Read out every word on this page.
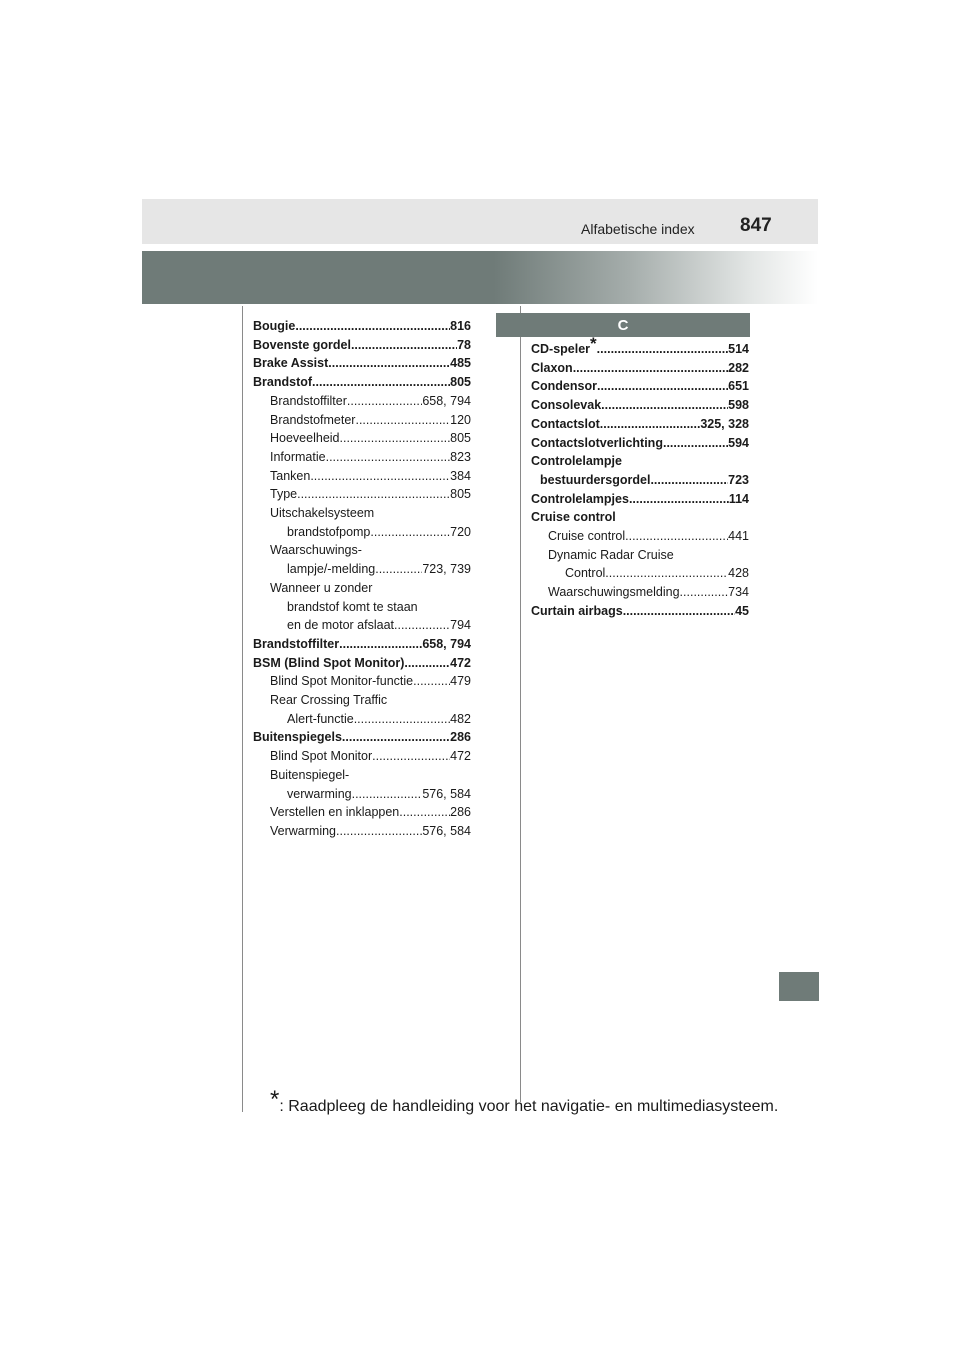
Alfabetische index 847
C
Bougie .....	816
Bovenste gordel .....	78
Brake Assist .....	485
Brandstof .....	805
Brandstoffilter .....	658, 794
Brandstofmeter .....	120
Hoeveelheid .....	805
Informatie .....	823
Tanken .....	384
Type .....	805
Uitschakelsysteem
brandstofpomp .....	720
Waarschuwings-
lampje/-melding .....	723, 739
Wanneer u zonder
brandstof komt te staan
en de motor afslaat .....	794
Brandstoffilter .....	658, 794
BSM (Blind Spot Monitor) .....	472
Blind Spot Monitor-functie .....	479
Rear Crossing Traffic
Alert-functie .....	482
Buitenspiegels .....	286
Blind Spot Monitor .....	472
Buitenspiegel-
verwarming .....	576, 584
Verstellen en inklappen .....	286
Verwarming .....	576, 584
CD-speler* .....	514
Claxon .....	282
Condensor .....	651
Consolevak .....	598
Contactslot .....	325, 328
Contactslotverlichting .....	594
Controlelampje
bestuurdersgordel .....	723
Controlelampjes .....	114
Cruise control
Cruise control .....	441
Dynamic Radar Cruise
Control .....	428
Waarschuwingsmelding .....	734
Curtain airbags .....	45
*: Raadpleeg de handleiding voor het navigatie- en multimediasysteem.
